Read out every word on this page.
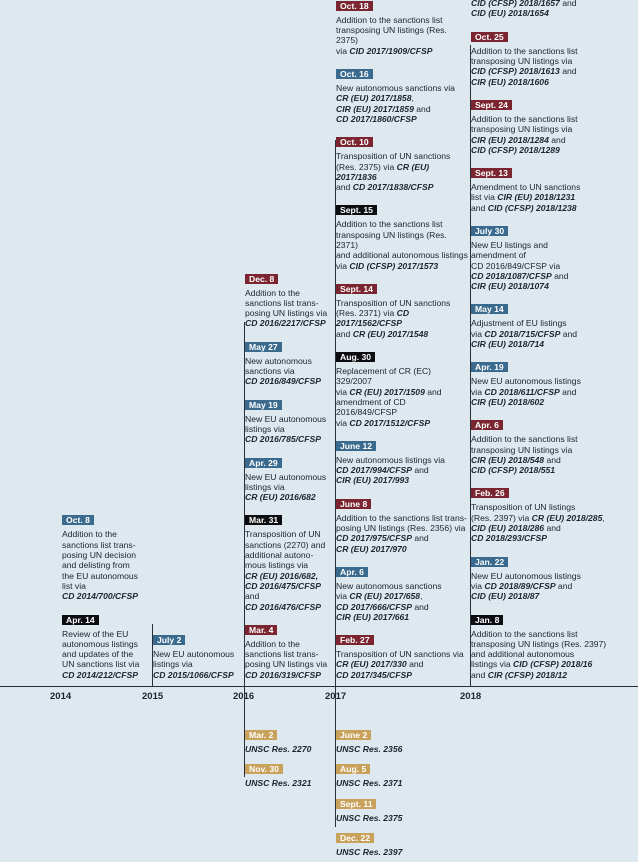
2014	2015	2016	2017	2018
Oct. 8
Addition to the
sanctions list trans-
posing UN decision
and delisting from
the EU autonomous
list via
CD 2014/700/CFSP
Apr. 14
Review of the EU
autonomous listings
and updates of the
UN sanctions list via
CD 2014/212/CFSP
July 2
New EU autonomous
listings via
CD 2015/1066/CFSP
Dec. 8
Addition to the
sanctions list trans-
posing UN listings via
CD 2016/2217/CFSP
May 27
New autonomous
sanctions via
CD 2016/849/CFSP
May 19
New EU autonomous
listings via
CD 2016/785/CFSP
Apr. 29
New EU autonomous
listings via
CR (EU) 2016/682
Mar. 31
Transposition of UN
sanctions (2270) and
additional autono-
mous listings via
CR (EU) 2016/682,
CD 2016/475/CFSP and
CD 2016/476/CFSP
Mar. 4
Addition to the
sanctions list trans-
posing UN listings via
CD 2016/319/CFSP
Oct. 18
Addition to the sanctions list
transposing UN listings (Res. 2375)
via CID 2017/1909/CFSP
Oct. 16
New autonomous sanctions via
CR (EU) 2017/1858,
CIR (EU) 2017/1859 and
CD 2017/1860/CFSP
Oct. 10
Transposition of UN sanctions
(Res. 2375) via CR (EU) 2017/1836
and CD 2017/1838/CFSP
Sept. 15
Addition to the sanctions list
transposing UN listings (Res. 2371)
and additional autonomous listings
via CID (CFSP) 2017/1573
Sept. 14
Transposition of UN sanctions
(Res. 2371) via CD 2017/1562/CFSP
and CR (EU) 2017/1548
Aug. 30
Replacement of CR (EC) 329/2007
via CR (EU) 2017/1509 and
amendment of CD 2016/849/CFSP
via CD 2017/1512/CFSP
June 12
New autonomous listings via
CD 2017/994/CFSP and
CIR (EU) 2017/993
June 8
Addition to the sanctions list trans-
posing UN listings (Res. 2356) via
CD 2017/975/CFSP and
CR (EU) 2017/970
Apr. 6
New autonomous sanctions
via CR (EU) 2017/658,
CD 2017/666/CFSP and
CIR (EU) 2017/661
Feb. 27
Transposition of UN sanctions via
CR (EU) 2017/330 and
CD 2017/345/CFSP

CID (CFSP) 2018/1657 and
CID (EU) 2018/1654
Oct. 25
Addition to the sanctions list
transposing UN listings via
CID (CFSP) 2018/1613 and
CIR (EU) 2018/1606
Sept. 24
Addition to the sanctions list
transposing UN listings via
CIR (EU) 2018/1284 and
CID (CFSP) 2018/1289
Sept. 13
Amendment to UN sanctions
list via CIR (EU) 2018/1231
and CID (CFSP) 2018/1238
July 30
New EU listings and
amendment of
CD 2016/849/CFSP via
CD 2018/1087/CFSP and
CIR (EU) 2018/1074
May 14
Adjustment of EU listings
via CD 2018/715/CFSP and
CIR (EU) 2018/714
Apr. 19
New EU autonomous listings
via CD 2018/611/CFSP and
CIR (EU) 2018/602
Apr. 6
Addition to the sanctions list
transposing UN listings via
CIR (EU) 2018/548 and
CID (CFSP) 2018/551
Feb. 26
Transposition of UN listings
(Res. 2397) via CR (EU) 2018/285,
CID (EU) 2018/286 and
CD 2018/293/CFSP
Jan. 22
New EU autonomous listings
via CD 2018/89/CFSP and
CID (EU) 2018/87
Jan. 8
Addition to the sanctions list
transposing UN listings (Res. 2397)
and additional autonomous
listings via CID (CFSP) 2018/16
and CIR (CFSP) 2018/12
Mar. 2
UNSC Res. 2270
Nov. 30
UNSC Res. 2321
June 2
UNSC Res. 2356
Aug. 5
UNSC Res. 2371
Sept. 11
UNSC Res. 2375
Dec. 22
UNSC Res. 2397
